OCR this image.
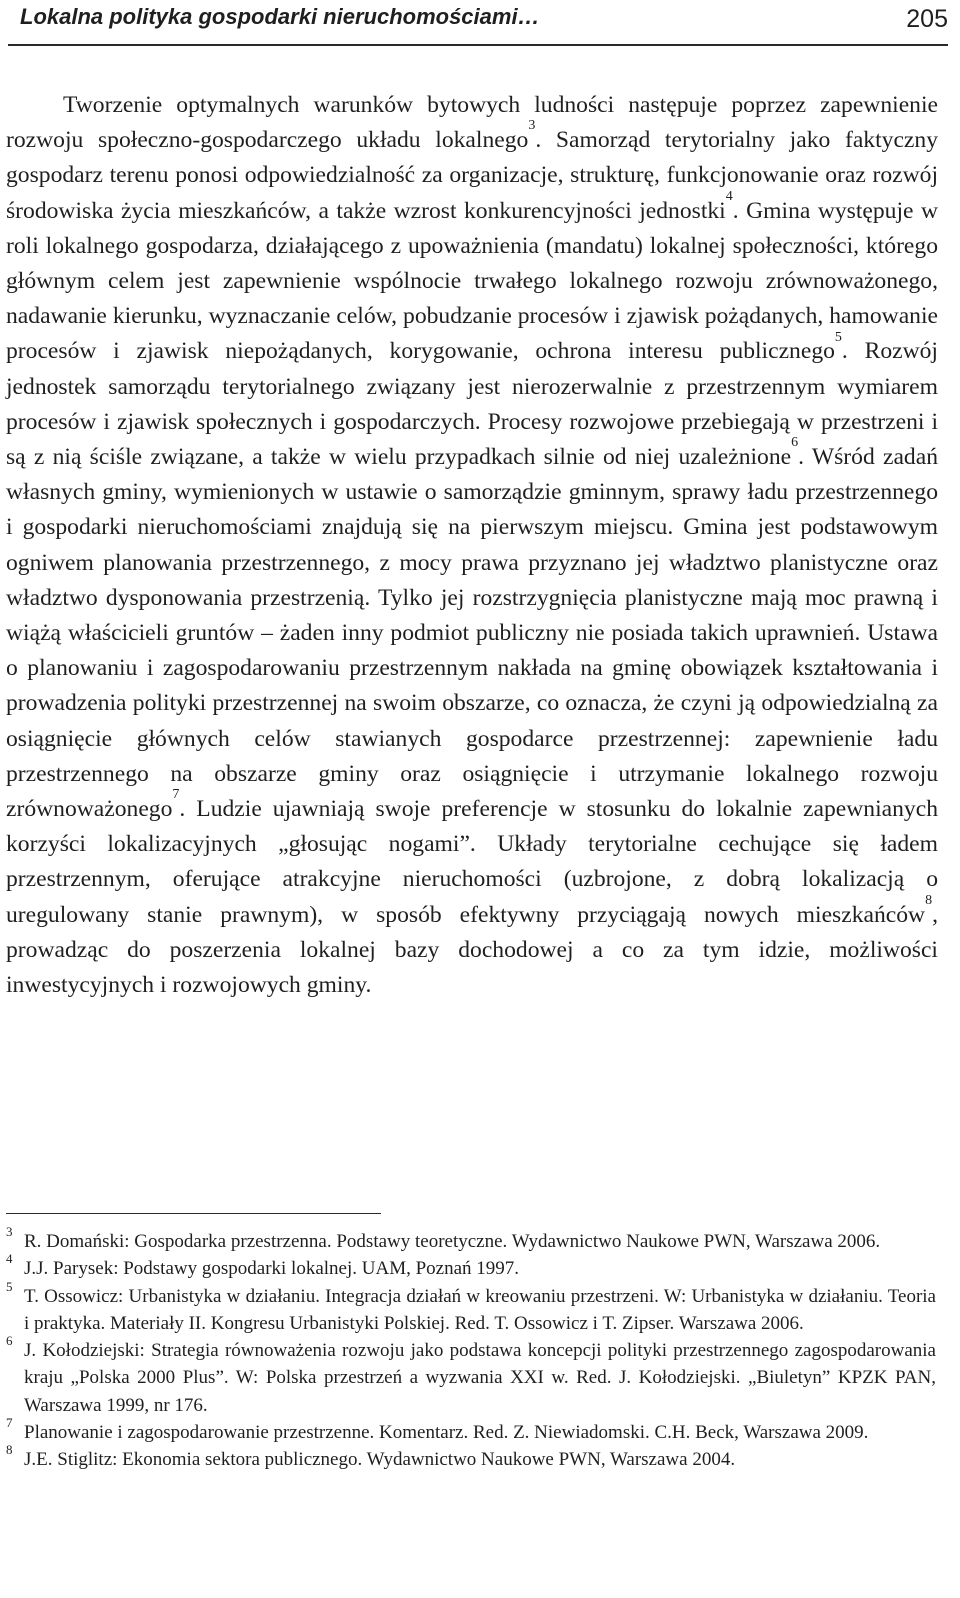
Lokalna polityka gospodarki nieruchomościami…	205

Tworzenie optymalnych warunków bytowych ludności następuje poprzez zapewnienie rozwoju społeczno-gospodarczego układu lokalnego$^3$. Samorząd terytorialny jako faktyczny gospodarz terenu ponosi odpowiedzialność za organizacje, strukturę, funkcjonowanie oraz rozwój środowiska życia mieszkańców, a także wzrost konkurencyjności jednostki$^4$. Gmina występuje w roli lokalnego gospodarza, działającego z upoważnienia (mandatu) lokalnej społeczności, którego głównym celem jest zapewnienie wspólnocie trwałego lokalnego rozwoju zrównoważonego, nadawanie kierunku, wyznaczanie celów, pobudzanie procesów i zjawisk pożądanych, hamowanie procesów i zjawisk niepożądanych, korygowanie, ochrona interesu publicznego$^5$. Rozwój jednostek samorządu terytorialnego związany jest nierozerwalnie z przestrzennym wymiarem procesów i zjawisk społecznych i gospodarczych. Procesy rozwojowe przebiegają w przestrzeni i są z nią ściśle związane, a także w wielu przypadkach silnie od niej uzależnione$^6$. Wśród zadań własnych gminy, wymienionych w ustawie o samorządzie gminnym, sprawy ładu przestrzennego i gospodarki nieruchomościami znajdują się na pierwszym miejscu. Gmina jest podstawowym ogniwem planowania przestrzennego, z mocy prawa przyznano jej władztwo planistyczne oraz władztwo dysponowania przestrzenią. Tylko jej rozstrzygnięcia planistyczne mają moc prawną i wiążą właścicieli gruntów – żaden inny podmiot publiczny nie posiada takich uprawnień. Ustawa o planowaniu i zagospodarowaniu przestrzennym nakłada na gminę obowiązek kształtowania i prowadzenia polityki przestrzennej na swoim obszarze, co oznacza, że czyni ją odpowiedzialną za osiągnięcie głównych celów stawianych gospodarce przestrzennej: zapewnienie ładu przestrzennego na obszarze gminy oraz osiągnięcie i utrzymanie lokalnego rozwoju zrównoważonego$^7$. Ludzie ujawniają swoje preferencje w stosunku do lokalnie zapewnianych korzyści lokalizacyjnych „głosując nogami”. Układy terytorialne cechujące się ładem przestrzennym, oferujące atrakcyjne nieruchomości (uzbrojone, z dobrą lokalizacją o uregulowany stanie prawnym), w sposób efektywny przyciągają nowych mieszkańców$^8$, prowadząc do poszerzenia lokalnej bazy dochodowej a co za tym idzie, możliwości inwestycyjnych i rozwojowych gminy.

3 R. Domański: Gospodarka przestrzenna. Podstawy teoretyczne. Wydawnictwo Naukowe PWN, Warszawa 2006.
4 J.J. Parysek: Podstawy gospodarki lokalnej. UAM, Poznań 1997.
5 T. Ossowicz: Urbanistyka w działaniu. Integracja działań w kreowaniu przestrzeni. W: Urbanistyka w działaniu. Teoria i praktyka. Materiały II. Kongresu Urbanistyki Polskiej. Red. T. Ossowicz i T. Zipser. Warszawa 2006.
6 J. Kołodziejski: Strategia równoważenia rozwoju jako podstawa koncepcji polityki przestrzennego zagospodarowania kraju „Polska 2000 Plus”. W: Polska przestrzeń a wyzwania XXI w. Red. J. Kołodziejski. „Biuletyn” KPZK PAN, Warszawa 1999, nr 176.
7 Planowanie i zagospodarowanie przestrzenne. Komentarz. Red. Z. Niewiadomski. C.H. Beck, Warszawa 2009.
8 J.E. Stiglitz: Ekonomia sektora publicznego. Wydawnictwo Naukowe PWN, Warszawa 2004.
